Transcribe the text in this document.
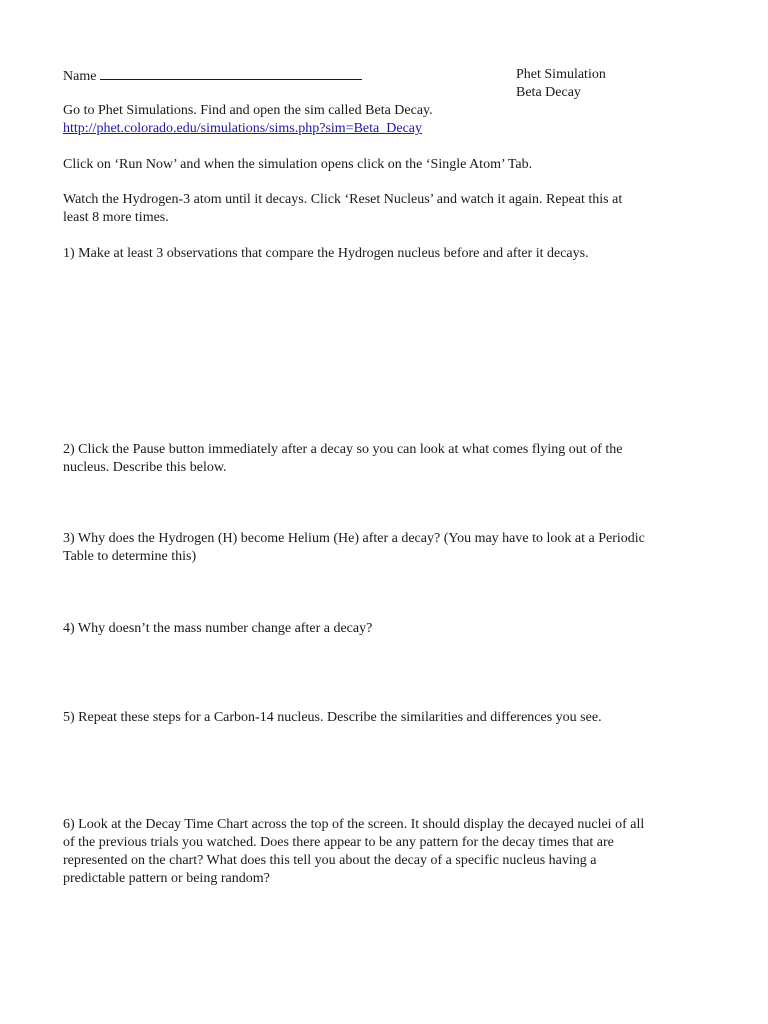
Name	Phet Simulation
Beta Decay
Go to Phet Simulations. Find and open the sim called Beta Decay.
http://phet.colorado.edu/simulations/sims.php?sim=Beta_Decay
Click on ‘Run Now’ and when the simulation opens click on the ‘Single Atom’ Tab.
Watch the Hydrogen-3 atom until it decays. Click ‘Reset Nucleus’ and watch it again. Repeat this at
least 8 more times.
1) Make at least 3 observations that compare the Hydrogen nucleus before and after it decays.
2) Click the Pause button immediately after a decay so you can look at what comes flying out of the
nucleus. Describe this below.
3) Why does the Hydrogen (H) become Helium (He) after a decay? (You may have to look at a Periodic
Table to determine this)
4) Why doesn’t the mass number change after a decay?
5) Repeat these steps for a Carbon-14 nucleus. Describe the similarities and differences you see.
6) Look at the Decay Time Chart across the top of the screen. It should display the decayed nuclei of all
of the previous trials you watched. Does there appear to be any pattern for the decay times that are
represented on the chart? What does this tell you about the decay of a specific nucleus having a
predictable pattern or being random?
